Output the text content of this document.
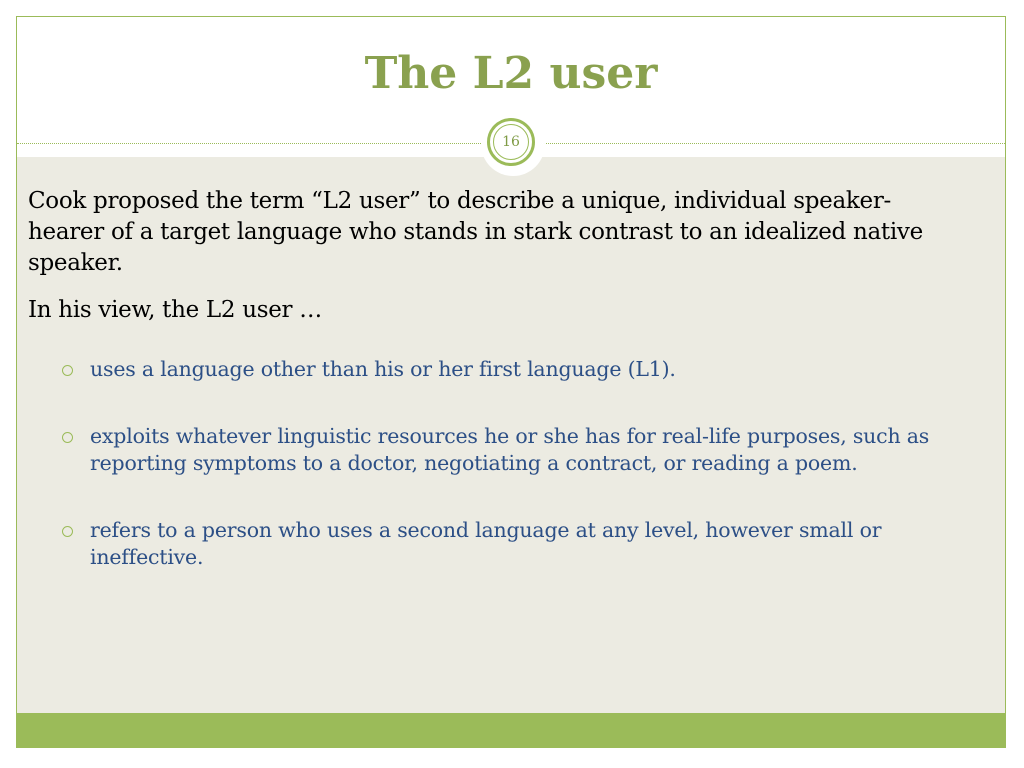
The L2 user
16

Cook proposed the term “L2 user” to describe a unique, individual speaker-hearer of a target language who stands in stark contrast to an idealized native speaker.

In his view, the L2 user …

uses a language other than his or her first language (L1).
exploits whatever linguistic resources he or she has for real-life purposes, such as reporting symptoms to a doctor, negotiating a contract, or reading a poem.
refers to a person who uses a second language at any level, however small or ineffective.
